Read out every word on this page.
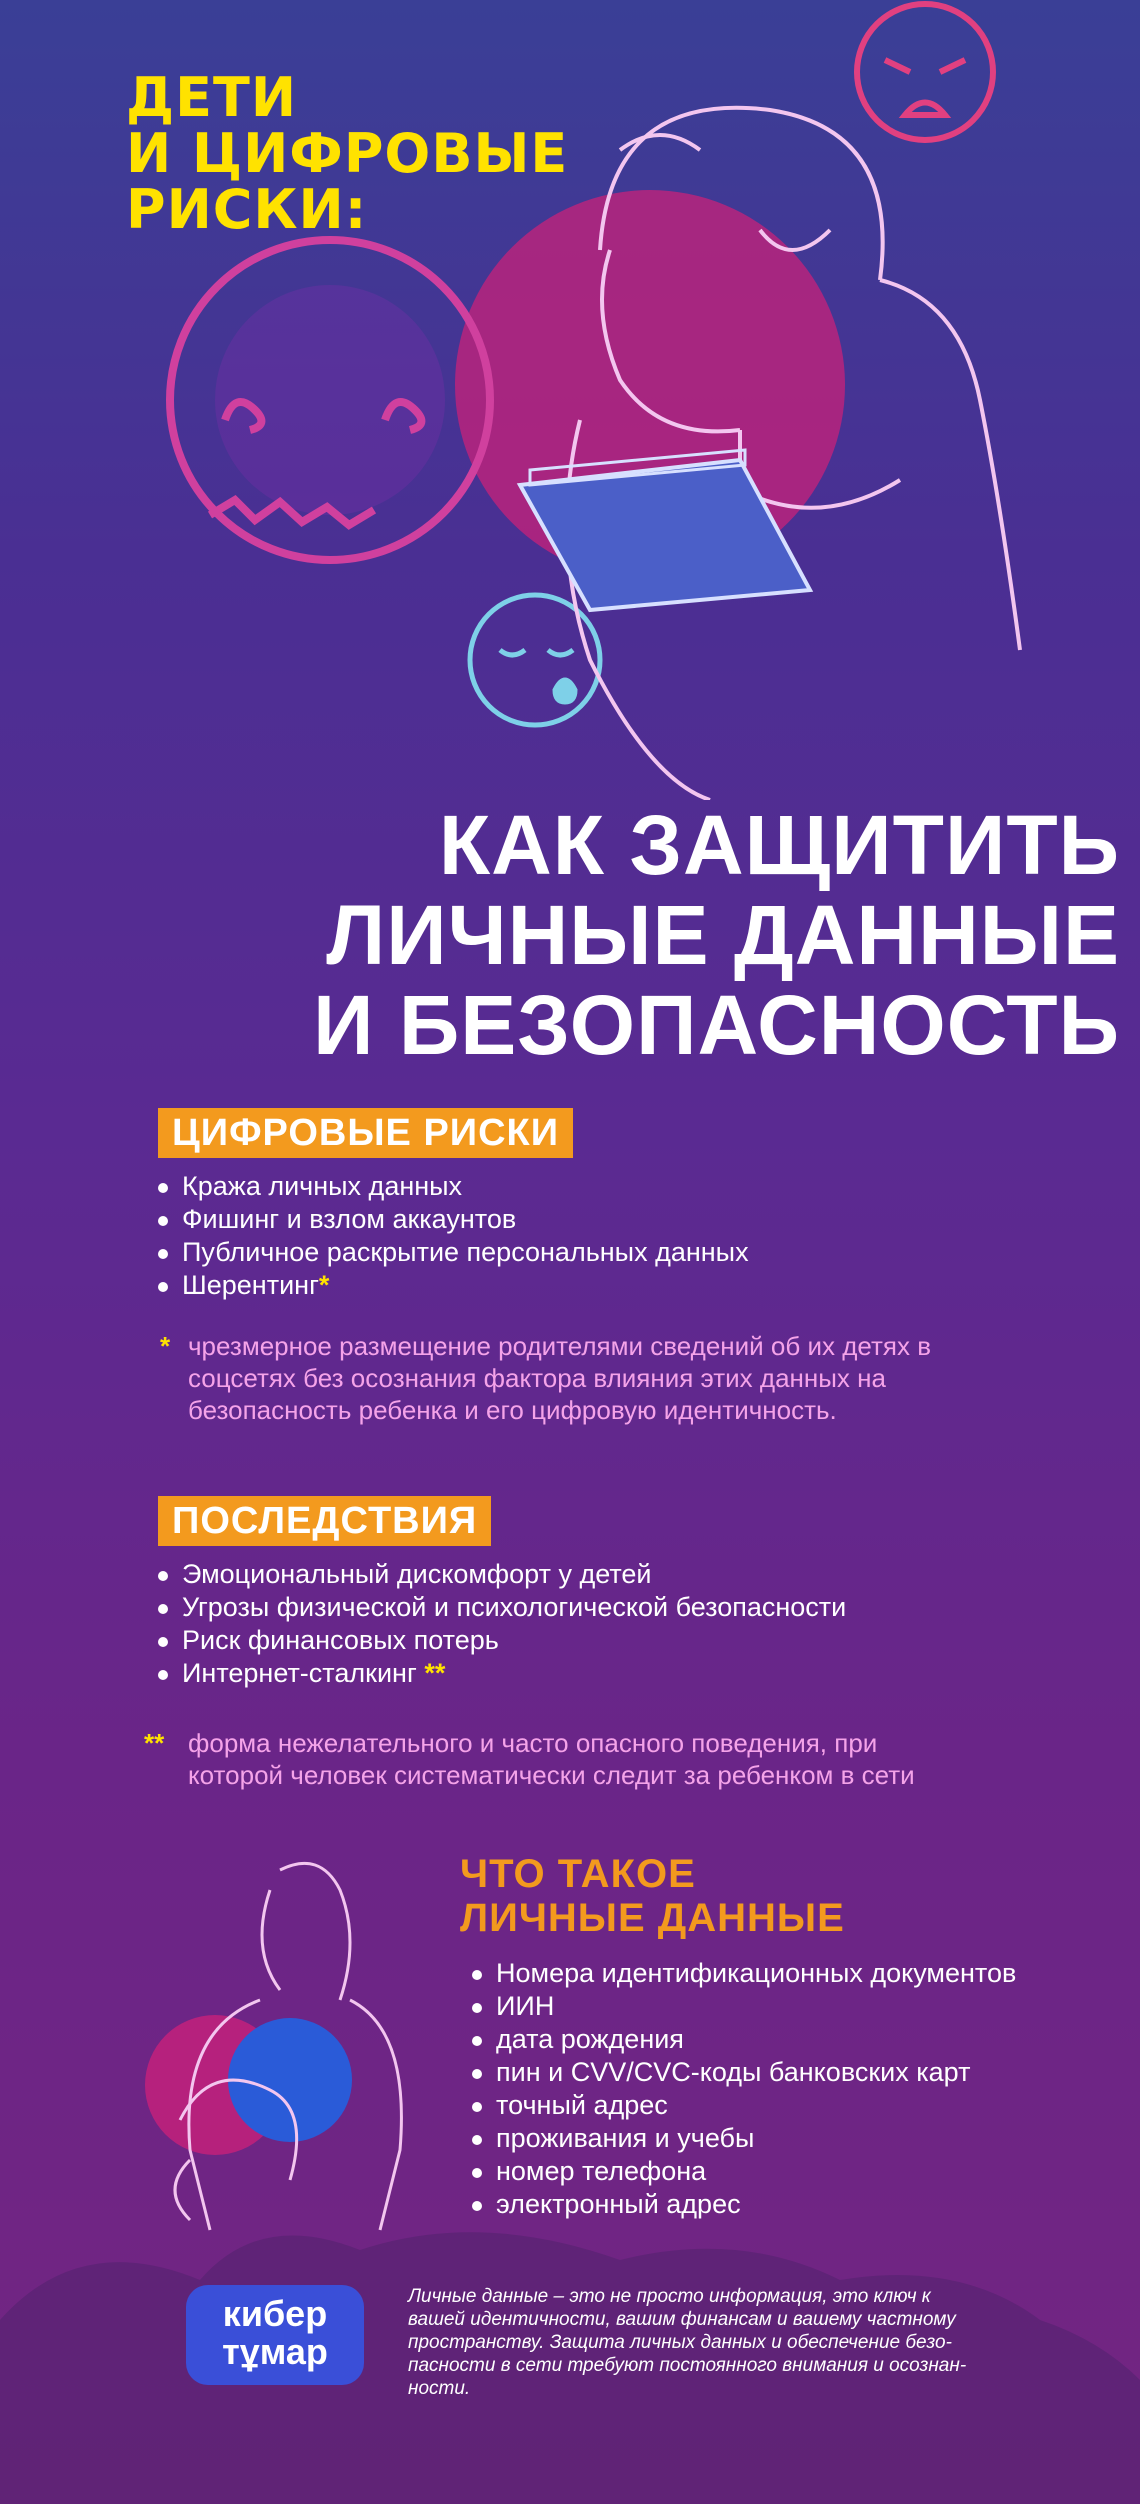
ДЕТИ
И ЦИФРОВЫЕ
РИСКИ:
КАК ЗАЩИТИТЬ
ЛИЧНЫЕ ДАННЫЕ
И БЕЗОПАСНОСТЬ
ЦИФРОВЫЕ РИСКИ
Кража личных данных
Фишинг и взлом аккаунтов
Публичное раскрытие персональных данных
Шерентинг*
* чрезмерное размещение родителями сведений об их детях в
соцсетях без осознания фактора влияния этих данных на
безопасность ребенка и его цифровую идентичность.
ПОСЛЕДСТВИЯ
Эмоциональный дискомфорт у детей
Угрозы физической и психологической безопасности
Риск финансовых потерь
Интернет-сталкинг **
** форма нежелательного и часто опасного поведения, при
которой человек систематически следит за ребенком в сети
ЧТО ТАКОЕ
ЛИЧНЫЕ ДАННЫЕ
Номера идентификационных документов
ИИН
дата рождения
пин и CVV/CVC-коды банковских карт
точный адрес
проживания и учебы
номер телефона
электронный адрес
кибер
тұмар
Личные данные – это не просто информация, это ключ к
вашей идентичности, вашим финансам и вашему частному
пространству. Защита личных данных и обеспечение безо-
пасности в сети требуют постоянного внимания и осознан-
ности.
